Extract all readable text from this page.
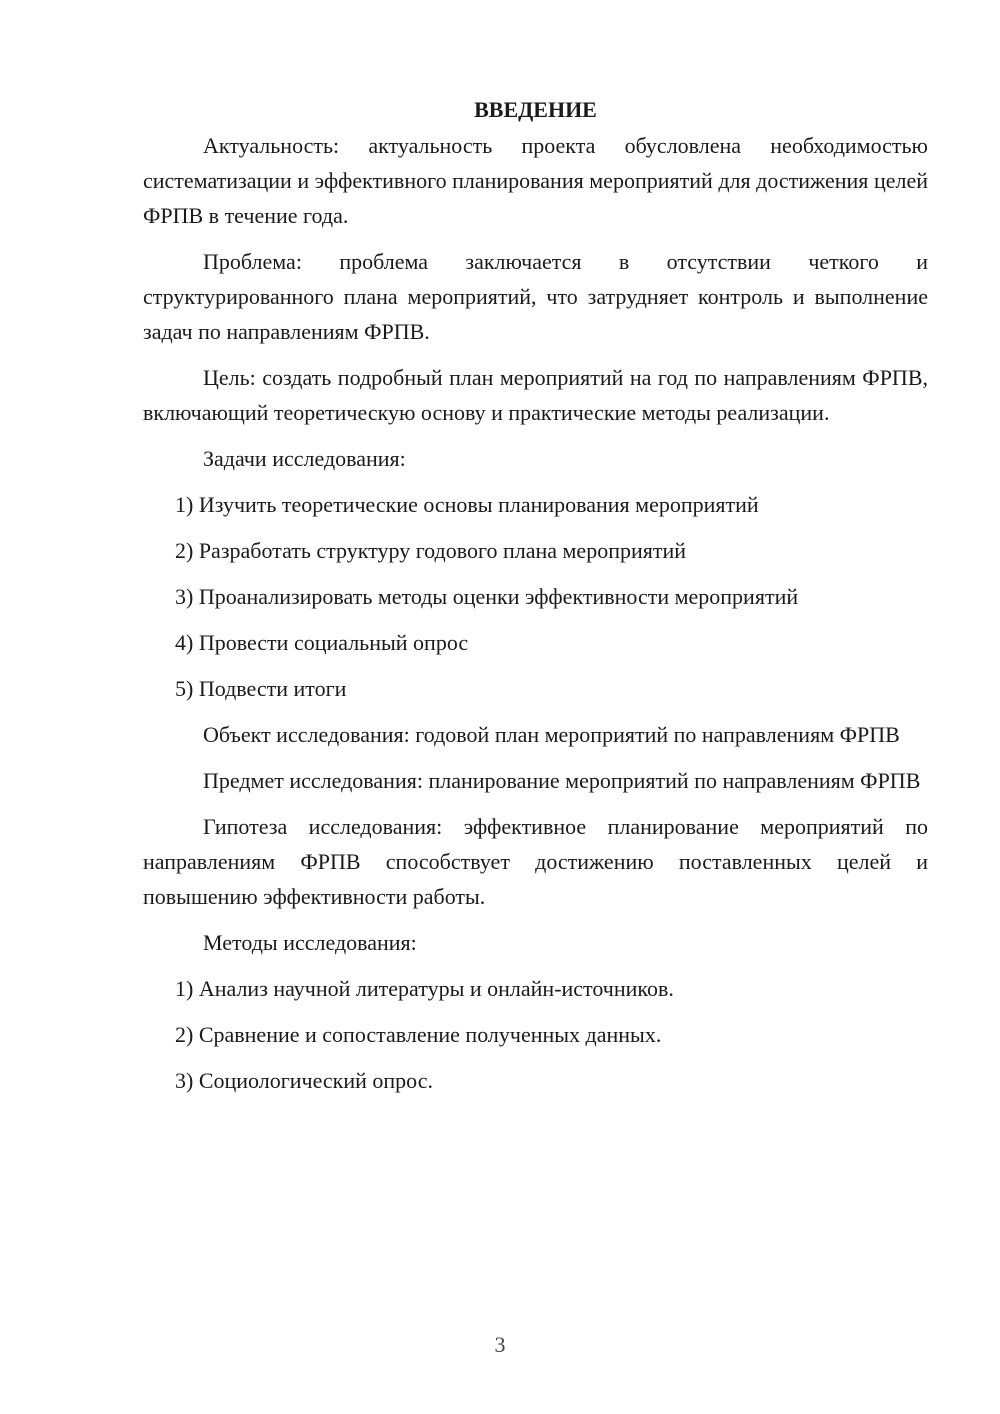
ВВЕДЕНИЕ

Актуальность: актуальность проекта обусловлена необходимостью систематизации и эффективного планирования мероприятий для достижения целей ФРПВ в течение года.

Проблема: проблема заключается в отсутствии четкого и структурированного плана мероприятий, что затрудняет контроль и выполнение задач по направлениям ФРПВ.

Цель: создать подробный план мероприятий на год по направлениям ФРПВ, включающий теоретическую основу и практические методы реализации.

Задачи исследования:

1) Изучить теоретические основы планирования мероприятий

2) Разработать структуру годового плана мероприятий

3) Проанализировать методы оценки эффективности мероприятий

4) Провести социальный опрос

5) Подвести итоги

Объект исследования: годовой план мероприятий по направлениям ФРПВ

Предмет исследования: планирование мероприятий по направлениям ФРПВ

Гипотеза исследования: эффективное планирование мероприятий по направлениям ФРПВ способствует достижению поставленных целей и повышению эффективности работы.

Методы исследования:

1) Анализ научной литературы и онлайн-источников.

2) Сравнение и сопоставление полученных данных.

3) Социологический опрос.

3
